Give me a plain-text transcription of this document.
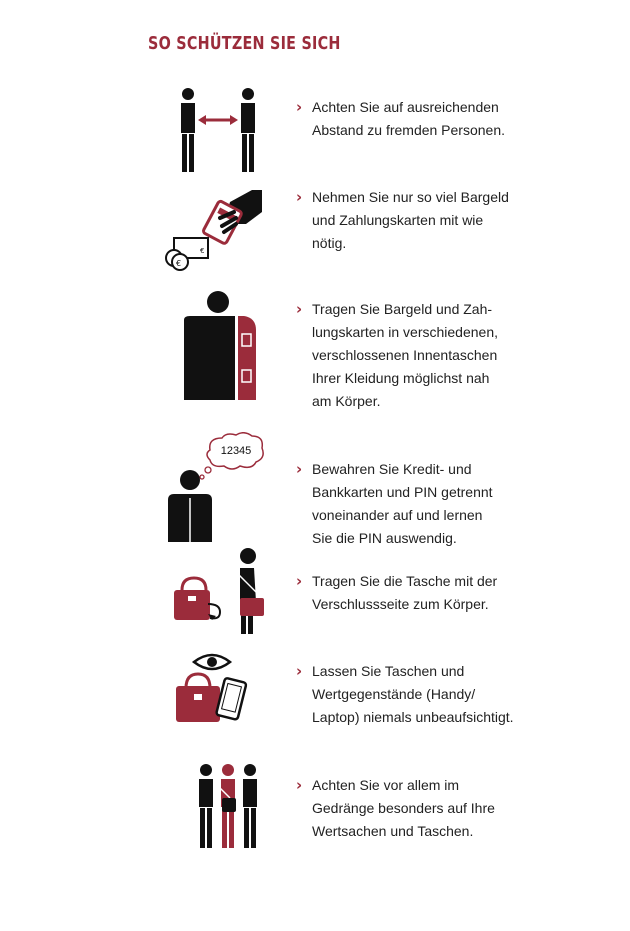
SO SCHÜTZEN SIE SICH
› Achten Sie auf ausreichenden
Abstand zu fremden Personen.
€
€
› Nehmen Sie nur so viel Bargeld
und Zahlungskarten mit wie
nötig.
› Tragen Sie Bargeld und Zah-
lungskarten in verschiedenen,
verschlossenen Innentaschen
Ihrer Kleidung möglichst nah
am Körper.
12345
› Bewahren Sie Kredit- und
Bankkarten und PIN getrennt
voneinander auf und lernen
Sie die PIN auswendig.
› Tragen Sie die Tasche mit der
Verschlussseite zum Körper.
› Lassen Sie Taschen und
Wertgegenstände (Handy/
Laptop) niemals unbeaufsichtigt.
› Achten Sie vor allem im
Gedränge besonders auf Ihre
Wertsachen und Taschen.
